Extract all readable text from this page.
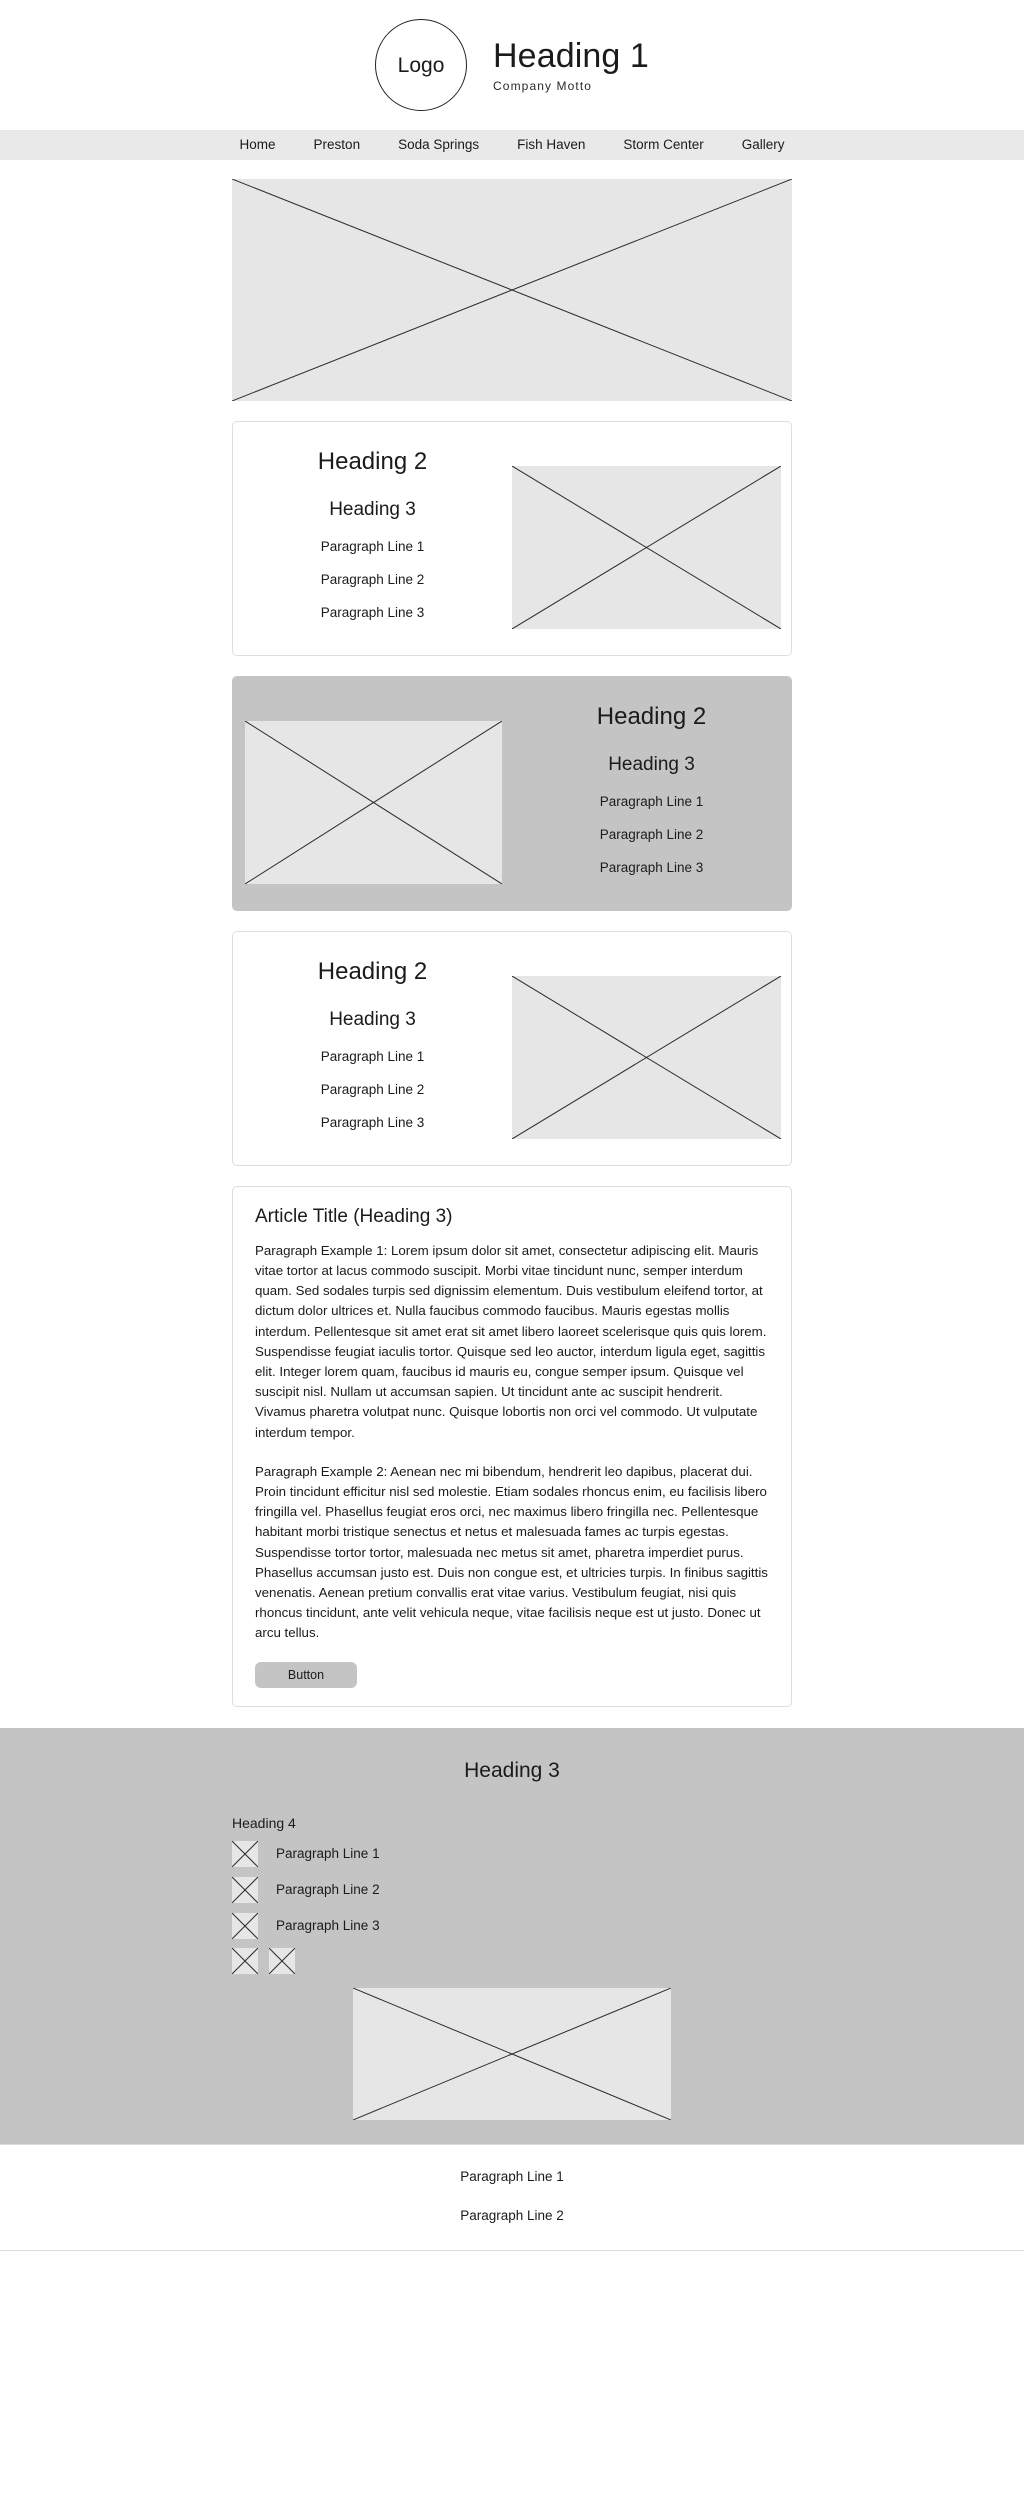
Logo Heading 1
Company Motto
Home	Preston	Soda Springs	Fish Haven	Storm Center	Gallery
Heading 2
Heading 3
Paragraph Line 1
Paragraph Line 2
Paragraph Line 3
Heading 2
Heading 3
Paragraph Line 1
Paragraph Line 2
Paragraph Line 3
Heading 2
Heading 3
Paragraph Line 1
Paragraph Line 2
Paragraph Line 3
Article Title (Heading 3)

Paragraph Example 1: Lorem ipsum dolor sit amet, consectetur adipiscing elit. Mauris vitae tortor at lacus commodo suscipit. Morbi vitae tincidunt nunc, semper interdum quam. Sed sodales turpis sed dignissim elementum. Duis vestibulum eleifend tortor, at dictum dolor ultrices et. Nulla faucibus commodo faucibus. Mauris egestas mollis interdum. Pellentesque sit amet erat sit amet libero laoreet scelerisque quis quis lorem. Suspendisse feugiat iaculis tortor. Quisque sed leo auctor, interdum ligula eget, sagittis elit. Integer lorem quam, faucibus id mauris eu, congue semper ipsum. Quisque vel suscipit nisl. Nullam ut accumsan sapien. Ut tincidunt ante ac suscipit hendrerit. Vivamus pharetra volutpat nunc. Quisque lobortis non orci vel commodo. Ut vulputate interdum tempor.

Paragraph Example 2: Aenean nec mi bibendum, hendrerit leo dapibus, placerat dui. Proin tincidunt efficitur nisl sed molestie. Etiam sodales rhoncus enim, eu facilisis libero fringilla vel. Phasellus feugiat eros orci, nec maximus libero fringilla nec. Pellentesque habitant morbi tristique senectus et netus et malesuada fames ac turpis egestas. Suspendisse tortor tortor, malesuada nec metus sit amet, pharetra imperdiet purus. Phasellus accumsan justo est. Duis non congue est, et ultricies turpis. In finibus sagittis venenatis. Aenean pretium convallis erat vitae varius. Vestibulum feugiat, nisi quis rhoncus tincidunt, ante velit vehicula neque, vitae facilisis neque est ut justo. Donec ut arcu tellus.

Button
Heading 3
Heading 4
Paragraph Line 1
Paragraph Line 2
Paragraph Line 3
Paragraph Line 1
Paragraph Line 2
